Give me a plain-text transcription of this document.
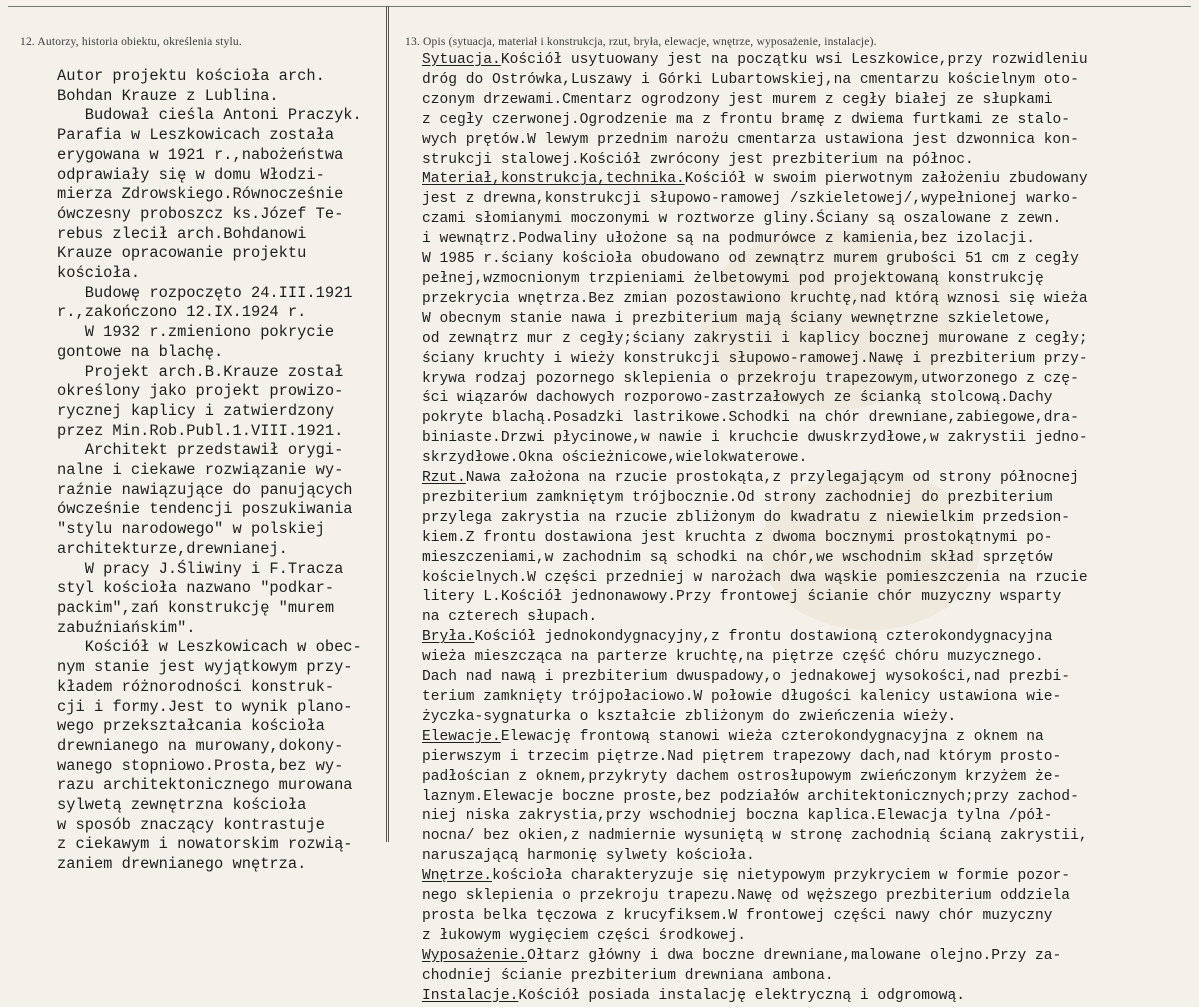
12. Autorzy, historia obiektu, określenia stylu.	13. Opis (sytuacja, materiał i konstrukcja, rzut, bryła, elewacje, wnętrze, wyposażenie, instalacje).
Autor projektu kościoła arch.
Bohdan Krauze z Lublina.
Budował cieśla Antoni Praczyk.
Parafia w Leszkowicach została
erygowana w 1921 r.,nabożeństwa
odprawiały się w domu Włodzi-
mierza Zdrowskiego.Równocześnie
ówczesny proboszcz ks.Józef Te-
rebus zlecił arch.Bohdanowi
Krauze opracowanie projektu
kościoła.
Budowę rozpoczęto 24.III.1921
r.,zakończono 12.IX.1924 r.
W 1932 r.zmieniono pokrycie
gontowe na blachę.
Projekt arch.B.Krauze został
określony jako projekt prowizo-
rycznej kaplicy i zatwierdzony
przez Min.Rob.Publ.1.VIII.1921.
Architekt przedstawił orygi-
nalne i ciekawe rozwiązanie wy-
raźnie nawiązujące do panujących
ówcześnie tendencji poszukiwania
"stylu narodowego" w polskiej
architekturze,drewnianej.
W pracy J.Śliwiny i F.Tracza
styl kościoła nazwano "podkar-
packim",zań konstrukcję "murem
zabuźniańskim".
Kościół w Leszkowicach w obec-
nym stanie jest wyjątkowym przy-
kładem różnorodności konstruk-
cji i formy.Jest to wynik plano-
wego przekształcania kościoła
drewnianego na murowany,dokony-
wanego stopniowo.Prosta,bez wy-
razu architektonicznego murowana
sylwetą zewnętrzna kościoła
w sposób znaczący kontrastuje
z ciekawym i nowatorskim rozwią-
zaniem drewnianego wnętrza.

Sytuacja.Kościół usytuowany jest na początku wsi Leszkowice,przy rozwidleniu
dróg do Ostrówka,Luszawy i Górki Lubartowskiej,na cmentarzu kościelnym oto-
czonym drzewami.Cmentarz ogrodzony jest murem z cegły białej ze słupkami
z cegły czerwonej.Ogrodzenie ma z frontu bramę z dwiema furtkami ze stalo-
wych prętów.W lewym przednim narożu cmentarza ustawiona jest dzwonnica kon-
strukcji stalowej.Kościół zwrócony jest prezbiterium na północ.
Materiał,konstrukcja,technika.Kościół w swoim pierwotnym założeniu zbudowany
jest z drewna,konstrukcji słupowo-ramowej /szkieletowej/,wypełnionej warko-
czami słomianymi moczonymi w roztworze gliny.Ściany są oszalowane z zewn.
i wewnątrz.Podwaliny ułożone są na podmurówce z kamienia,bez izolacji.
W 1985 r.ściany kościoła obudowano od zewnątrz murem grubości 51 cm z cegły
pełnej,wzmocnionym trzpieniami żelbetowymi pod projektowaną konstrukcję
przekrycia wnętrza.Bez zmian pozostawiono kruchtę,nad którą wznosi się wieża
W obecnym stanie nawa i prezbiterium mają ściany wewnętrzne szkieletowe,
od zewnątrz mur z cegły;ściany zakrystii i kaplicy bocznej murowane z cegły;
ściany kruchty i wieży konstrukcji słupowo-ramowej.Nawę i prezbiterium przy-
krywa rodzaj pozornego sklepienia o przekroju trapezowym,utworzonego z czę-
ści wiązarów dachowych rozporowo-zastrzałowych ze ścianką stolcową.Dachy
pokryte blachą.Posadzki lastrikowe.Schodki na chór drewniane,zabiegowe,dra-
biniaste.Drzwi płycinowe,w nawie i kruchcie dwuskrzydłowe,w zakrystii jedno-
skrzydłowe.Okna ościeżnicowe,wielokwaterowe.
Rzut.Nawa założona na rzucie prostokąta,z przylegającym od strony północnej
prezbiterium zamkniętym trójbocznie.Od strony zachodniej do prezbiterium
przylega zakrystia na rzucie zbliżonym do kwadratu z niewielkim przedsion-
kiem.Z frontu dostawiona jest kruchta z dwoma bocznymi prostokątnymi po-
mieszczeniami,w zachodnim są schodki na chór,we wschodnim skład sprzętów
kościelnych.W części przedniej w narożach dwa wąskie pomieszczenia na rzucie
litery L.Kościół jednonawowy.Przy frontowej ścianie chór muzyczny wsparty
na czterech słupach.
Bryła.Kościół jednokondygnacyjny,z frontu dostawioną czterokondygnacyjna
wieża mieszcząca na parterze kruchtę,na piętrze część chóru muzycznego.
Dach nad nawą i prezbiterium dwuspadowy,o jednakowej wysokości,nad prezbi-
terium zamknięty trójpołaciowo.W połowie długości kalenicy ustawiona wie-
życzka-sygnaturka o kształcie zbliżonym do zwieńczenia wieży.
Elewacje.Elewację frontową stanowi wieża czterokondygnacyjna z oknem na
pierwszym i trzecim piętrze.Nad piętrem trapezowy dach,nad którym prosto-
padłościan z oknem,przykryty dachem ostrosłupowym zwieńczonym krzyżem że-
laznym.Elewacje boczne proste,bez podziałów architektonicznych;przy zachod-
niej niska zakrystia,przy wschodniej boczna kaplica.Elewacja tylna /pół-
nocna/ bez okien,z nadmiernie wysuniętą w stronę zachodnią ścianą zakrystii,
naruszającą harmonię sylwety kościoła.
Wnętrze.kościoła charakteryzuje się nietypowym przykryciem w formie pozor-
nego sklepienia o przekroju trapezu.Nawę od węższego prezbiterium oddziela
prosta belka tęczowa z krucyfiksem.W frontowej części nawy chór muzyczny
z łukowym wygięciem części środkowej.
Wyposażenie.Ołtarz główny i dwa boczne drewniane,malowane olejno.Przy za-
chodniej ścianie prezbiterium drewniana ambona.
Instalacje.Kościół posiada instalację elektryczną i odgromową.
